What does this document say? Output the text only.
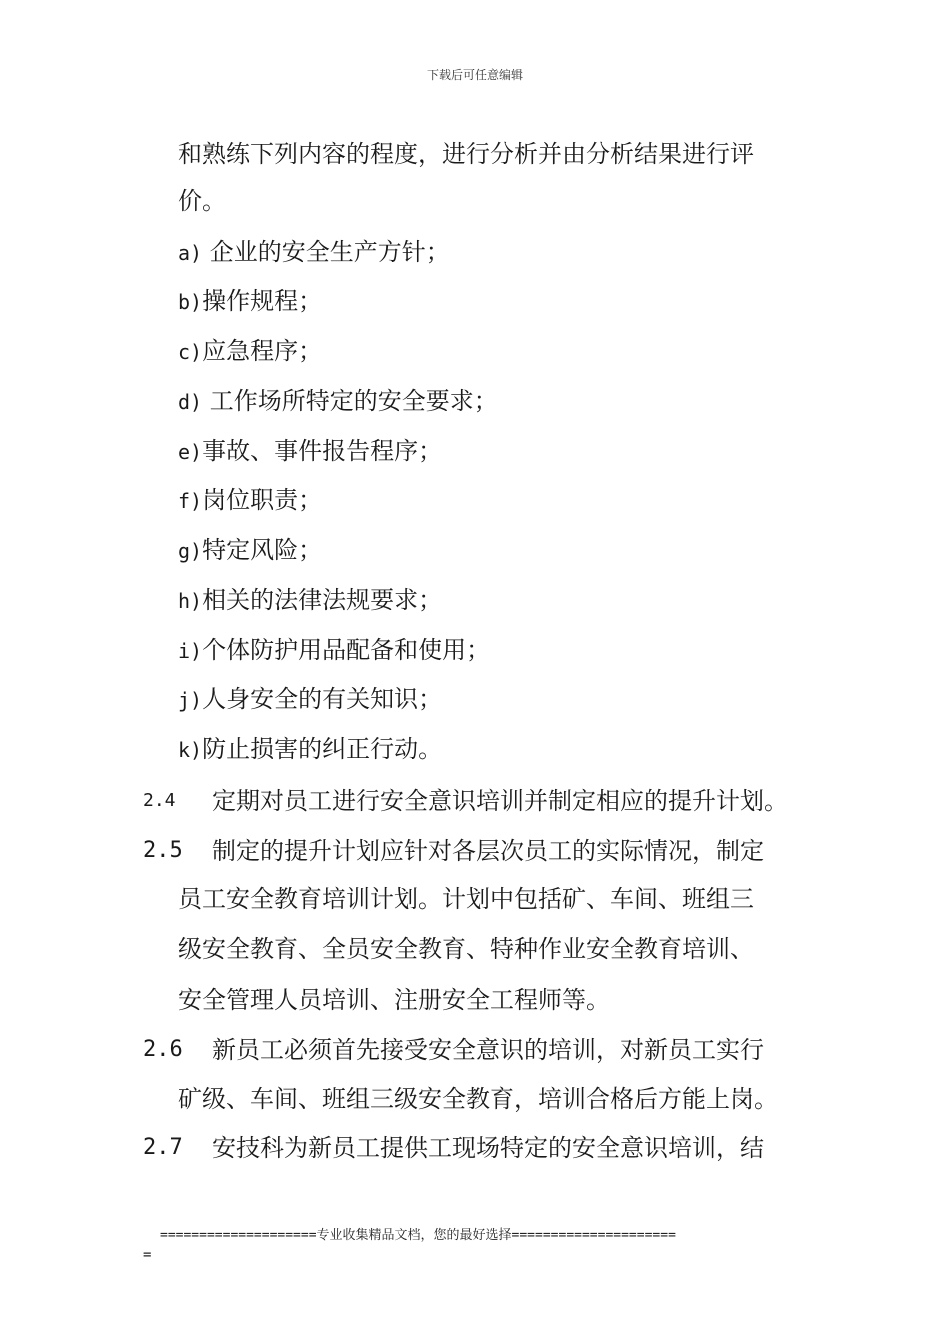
下载后可任意编辑
和熟练下列内容的程度，进行分析并由分析结果进行评
价。
a) 企业的安全生产方针；
b)操作规程；
c)应急程序；
d) 工作场所特定的安全要求；
e)事故、事件报告程序；
f)岗位职责；
g)特定风险；
h)相关的法律法规要求；
i)个体防护用品配备和使用；
j)人身安全的有关知识；
k)防止损害的纠正行动。
2.4 定期对员工进行安全意识培训并制定相应的提升计划。
2.5 制定的提升计划应针对各层次员工的实际情况，制定
员工安全教育培训计划。计划中包括矿、车间、班组三
级安全教育、全员安全教育、特种作业安全教育培训、
安全管理人员培训、注册安全工程师等。
2.6 新员工必须首先接受安全意识的培训，对新员工实行
矿级、车间、班组三级安全教育，培训合格后方能上岗。
2.7 安技科为新员工提供工现场特定的安全意识培训，结
====================专业收集精品文档，您的最好选择=====================
=
